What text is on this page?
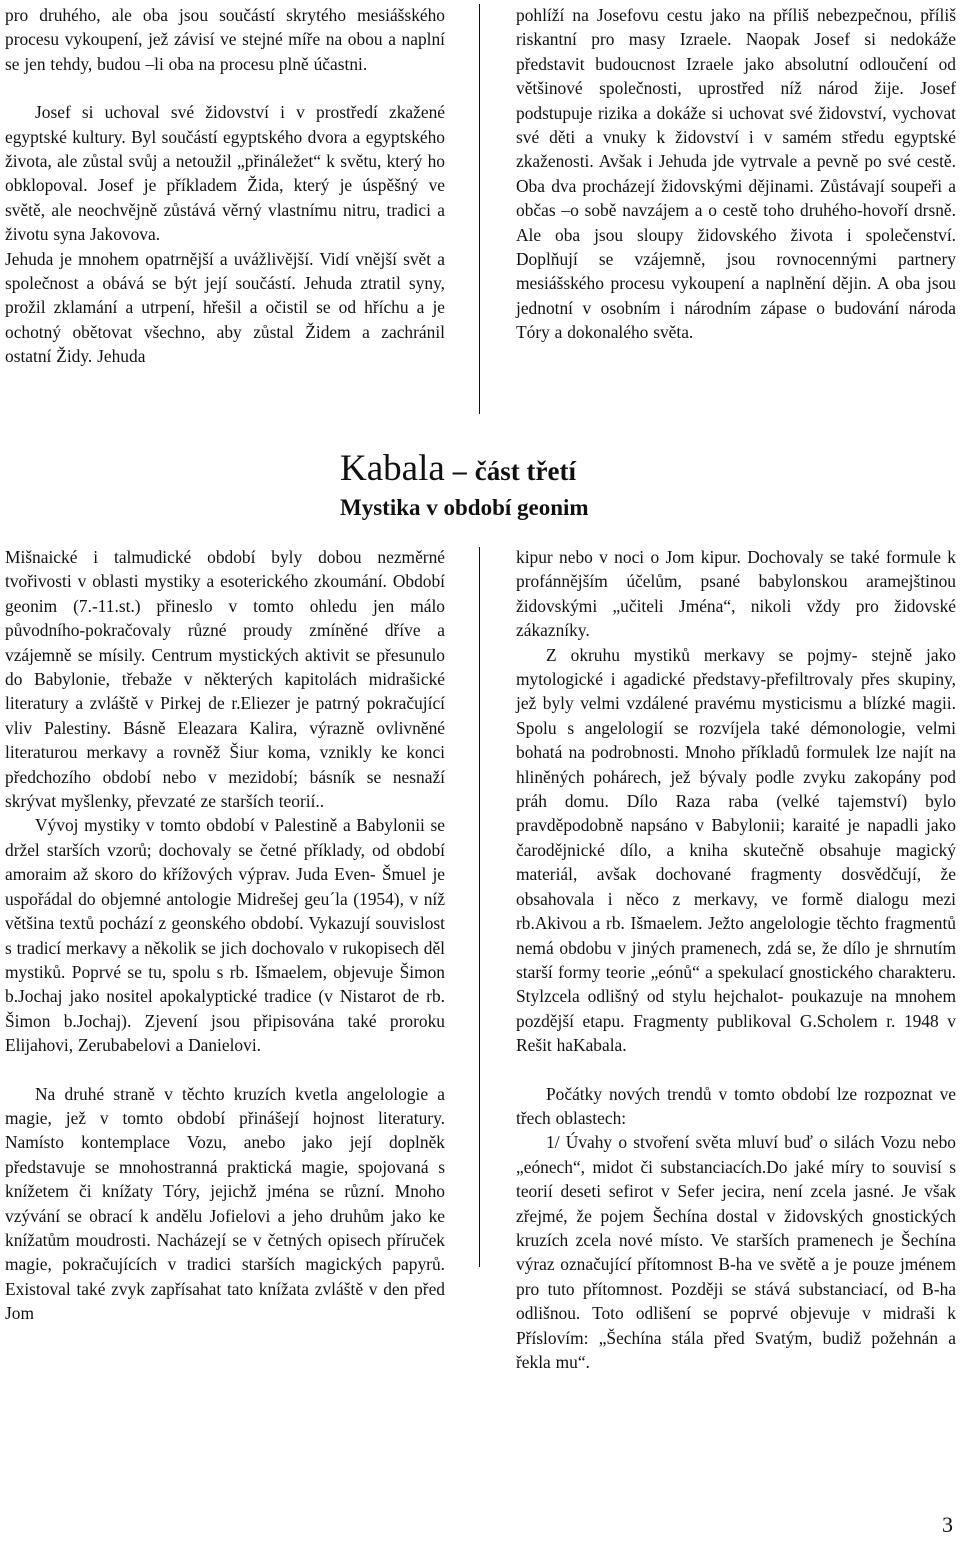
pro druhého, ale oba jsou součástí skrytého mesiášského procesu vykoupení, jež závisí ve stejné míře na obou a naplní se jen tehdy, budou –li oba na procesu plně účastni.

Josef si uchoval své židovství i v prostředí zkažené egyptské kultury. Byl součástí egyptského dvora a egyptského života, ale zůstal svůj a netoužil „přináležet“ k světu, který ho obklopoval. Josef je příkladem Žida, který je úspěšný ve světě, ale neochvějně zůstává věrný vlastnímu nitru, tradici a životu syna Jakovova.

Jehuda je mnohem opatrnější a uvážlivější. Vidí vnější svět a společnost a obává se být její součástí. Jehuda ztratil syny, prožil zklamání a utrpení, hřešil a očistil se od hříchu a je ochotný obětovat všechno, aby zůstal Židem a zachránil ostatní Židy. Jehuda

pohlíží na Josefovu cestu jako na příliš nebezpečnou, příliš riskantní pro masy Izraele. Naopak Josef si nedokáže představit budoucnost Izraele jako absolutní odloučení od většinové společnosti, uprostřed níž národ žije. Josef podstupuje rizika a dokáže si uchovat své židovství, vychovat své děti a vnuky k židovství i v samém středu egyptské zkaženosti. Avšak i Jehuda jde vytrvale a pevně po své cestě. Oba dva procházejí židovskými dějinami. Zůstávají soupeři a občas –o sobě navzájem a o cestě toho druhého-hovoří drsně. Ale oba jsou sloupy židovského života i společenství. Doplňují se vzájemně, jsou rovnocennými partnery mesiášského procesu vykoupení a naplnění dějin. A oba jsou jednotní v osobním i národním zápase o budování národa Tóry a dokonalého světa.

Kabala – část třetí
Mystika v období geonim

Mišnaické i talmudické období byly dobou nezměrné tvořivosti v oblasti mystiky a esoterického zkoumání. Období geonim (7.-11.st.) přineslo v tomto ohledu jen málo původního-pokračovaly různé proudy zmíněné dříve a vzájemně se mísily. Centrum mystických aktivit se přesunulo do Babylonie, třebaže v některých kapitolách midrašické literatury a zvláště v Pirkej de r.Eliezer je patrný pokračující vliv Palestiny. Básně Eleazara Kalira, výrazně ovlivněné literaturou merkavy a rovněž Šiur koma, vznikly ke konci předchozího období nebo v mezidobí; básník se nesnaží skrývat myšlenky, převzaté ze starších teorií..

Vývoj mystiky v tomto období v Palestině a Babylonii se držel starších vzorů; dochovaly se četné příklady, od období amoraim až skoro do křížových výprav. Juda Even- Šmuel je uspořádal do objemné antologie Midrešej geu´la (1954), v níž většina textů pochází z geonského období. Vykazují souvislost s tradicí merkavy a několik se jich dochovalo v rukopisech děl mystiků. Poprvé se tu, spolu s rb. Išmaelem, objevuje Šimon b.Jochaj jako nositel apokalyptické tradice (v Nistarot de rb. Šimon b.Jochaj). Zjevení jsou připisována také proroku Elijahovi, Zerubabelovi a Danielovi.

Na druhé straně v těchto kruzích kvetla angelologie a magie, jež v tomto období přinášejí hojnost literatury. Namísto kontemplace Vozu, anebo jako její doplněk představuje se mnohostranná praktická magie, spojovaná s knížetem či knížaty Tóry, jejichž jména se různí. Mnoho vzývání se obrací k andělu Jofielovi a jeho druhům jako ke knížatům moudrosti. Nacházejí se v četných opisech příruček magie, pokračujících v tradici starších magických papyrů. Existoval také zvyk zapřísahat tato knížata zvláště v den před Jom

kipur nebo v noci o Jom kipur. Dochovaly se také formule k profánnějším účelům, psané babylonskou aramejštinou židovskými „učiteli Jména“, nikoli vždy pro židovské zákazníky.

Z okruhu mystiků merkavy se pojmy- stejně jako mytologické i agadické představy-přefiltrovaly přes skupiny, jež byly velmi vzdálené pravému mysticismu a blízké magii. Spolu s angelologií se rozvíjela také démonologie, velmi bohatá na podrobnosti. Mnoho příkladů formulek lze najít na hliněných pohárech, jež bývaly podle zvyku zakopány pod práh domu. Dílo Raza raba (velké tajemství) bylo pravděpodobně napsáno v Babylonii; karaité je napadli jako čarodějnické dílo, a kniha skutečně obsahuje magický materiál, avšak dochované fragmenty dosvědčují, že obsahovala i něco z merkavy, ve formě dialogu mezi rb.Akivou a rb. Išmaelem. Ježto angelologie těchto fragmentů nemá obdobu v jiných pramenech, zdá se, že dílo je shrnutím starší formy teorie „eónů“ a spekulací gnostického charakteru. Stylzcela odlišný od stylu hejchalot- poukazuje na mnohem pozdější etapu. Fragmenty publikoval G.Scholem r. 1948 v Rešit haKabala.

Počátky nových trendů v tomto období lze rozpoznat ve třech oblastech:

1/ Úvahy o stvoření světa mluví buď o silách Vozu nebo „eónech“, midot či substanciacích.Do jaké míry to souvisí s teorií deseti sefirot v Sefer jecira, není zcela jasné. Je však zřejmé, že pojem Šechína dostal v židovských gnostických kruzích zcela nové místo. Ve starších pramenech je Šechína výraz označující přítomnost B-ha ve světě a je pouze jménem pro tuto přítomnost. Později se stává substanciací, od B-ha odlišnou. Toto odlišení se poprvé objevuje v midraši k Příslovím: „Šechína stála před Svatým, budiž požehnán a řekla mu“.

3
